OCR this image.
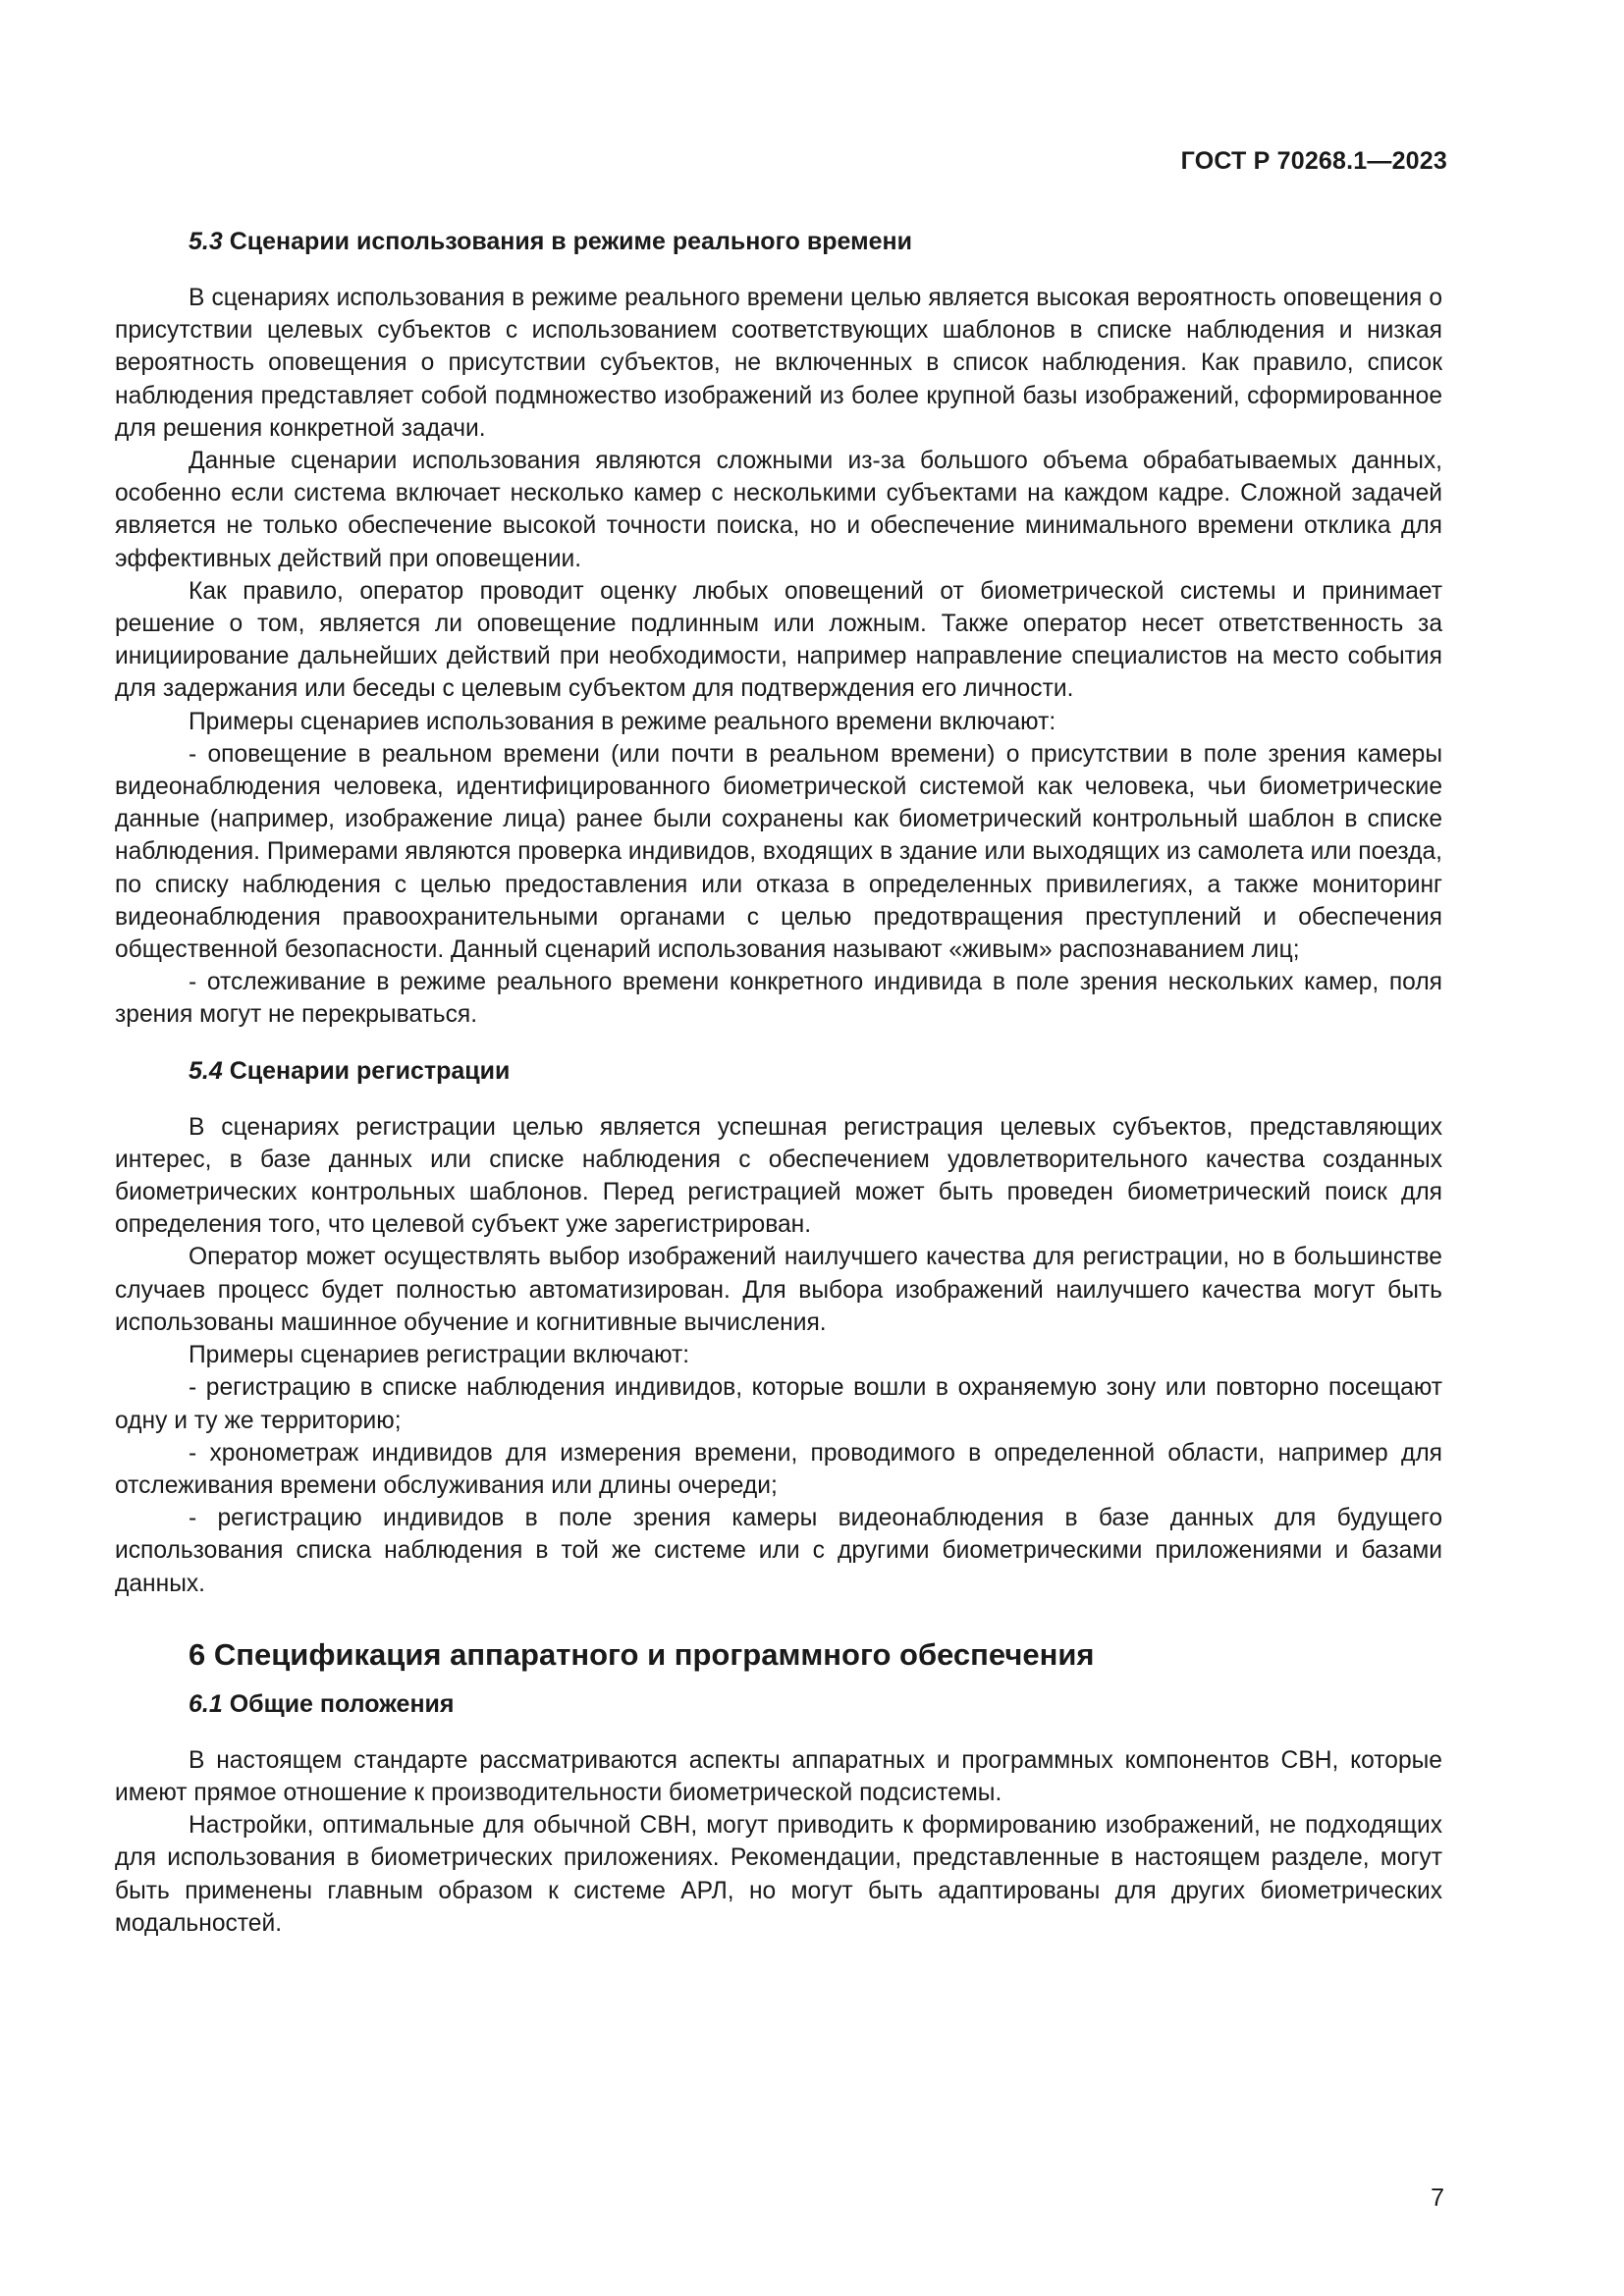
ГОСТ Р 70268.1—2023
5.3 Сценарии использования в режиме реального времени

В сценариях использования в режиме реального времени целью является высокая вероятность оповещения о присутствии целевых субъектов с использованием соответствующих шаблонов в списке наблюдения и низкая вероятность оповещения о присутствии субъектов, не включенных в список наблюдения. Как правило, список наблюдения представляет собой подмножество изображений из более крупной базы изображений, сформированное для решения конкретной задачи.

Данные сценарии использования являются сложными из-за большого объема обрабатываемых данных, особенно если система включает несколько камер с несколькими субъектами на каждом кадре. Сложной задачей является не только обеспечение высокой точности поиска, но и обеспечение минимального времени отклика для эффективных действий при оповещении.

Как правило, оператор проводит оценку любых оповещений от биометрической системы и принимает решение о том, является ли оповещение подлинным или ложным. Также оператор несет ответственность за инициирование дальнейших действий при необходимости, например направление специалистов на место события для задержания или беседы с целевым субъектом для подтверждения его личности.

Примеры сценариев использования в режиме реального времени включают:

- оповещение в реальном времени (или почти в реальном времени) о присутствии в поле зрения камеры видеонаблюдения человека, идентифицированного биометрической системой как человека, чьи биометрические данные (например, изображение лица) ранее были сохранены как биометрический контрольный шаблон в списке наблюдения. Примерами являются проверка индивидов, входящих в здание или выходящих из самолета или поезда, по списку наблюдения с целью предоставления или отказа в определенных привилегиях, а также мониторинг видеонаблюдения правоохранительными органами с целью предотвращения преступлений и обеспечения общественной безопасности. Данный сценарий использования называют «живым» распознаванием лиц;

- отслеживание в режиме реального времени конкретного индивида в поле зрения нескольких камер, поля зрения могут не перекрываться.

5.4 Сценарии регистрации

В сценариях регистрации целью является успешная регистрация целевых субъектов, представляющих интерес, в базе данных или списке наблюдения с обеспечением удовлетворительного качества созданных биометрических контрольных шаблонов. Перед регистрацией может быть проведен биометрический поиск для определения того, что целевой субъект уже зарегистрирован.

Оператор может осуществлять выбор изображений наилучшего качества для регистрации, но в большинстве случаев процесс будет полностью автоматизирован. Для выбора изображений наилучшего качества могут быть использованы машинное обучение и когнитивные вычисления.

Примеры сценариев регистрации включают:

- регистрацию в списке наблюдения индивидов, которые вошли в охраняемую зону или повторно посещают одну и ту же территорию;

- хронометраж индивидов для измерения времени, проводимого в определенной области, например для отслеживания времени обслуживания или длины очереди;

- регистрацию индивидов в поле зрения камеры видеонаблюдения в базе данных для будущего использования списка наблюдения в той же системе или с другими биометрическими приложениями и базами данных.

6 Спецификация аппаратного и программного обеспечения
6.1 Общие положения

В настоящем стандарте рассматриваются аспекты аппаратных и программных компонентов СВН, которые имеют прямое отношение к производительности биометрической подсистемы.

Настройки, оптимальные для обычной СВН, могут приводить к формированию изображений, не подходящих для использования в биометрических приложениях. Рекомендации, представленные в настоящем разделе, могут быть применены главным образом к системе АРЛ, но могут быть адаптированы для других биометрических модальностей.

7
